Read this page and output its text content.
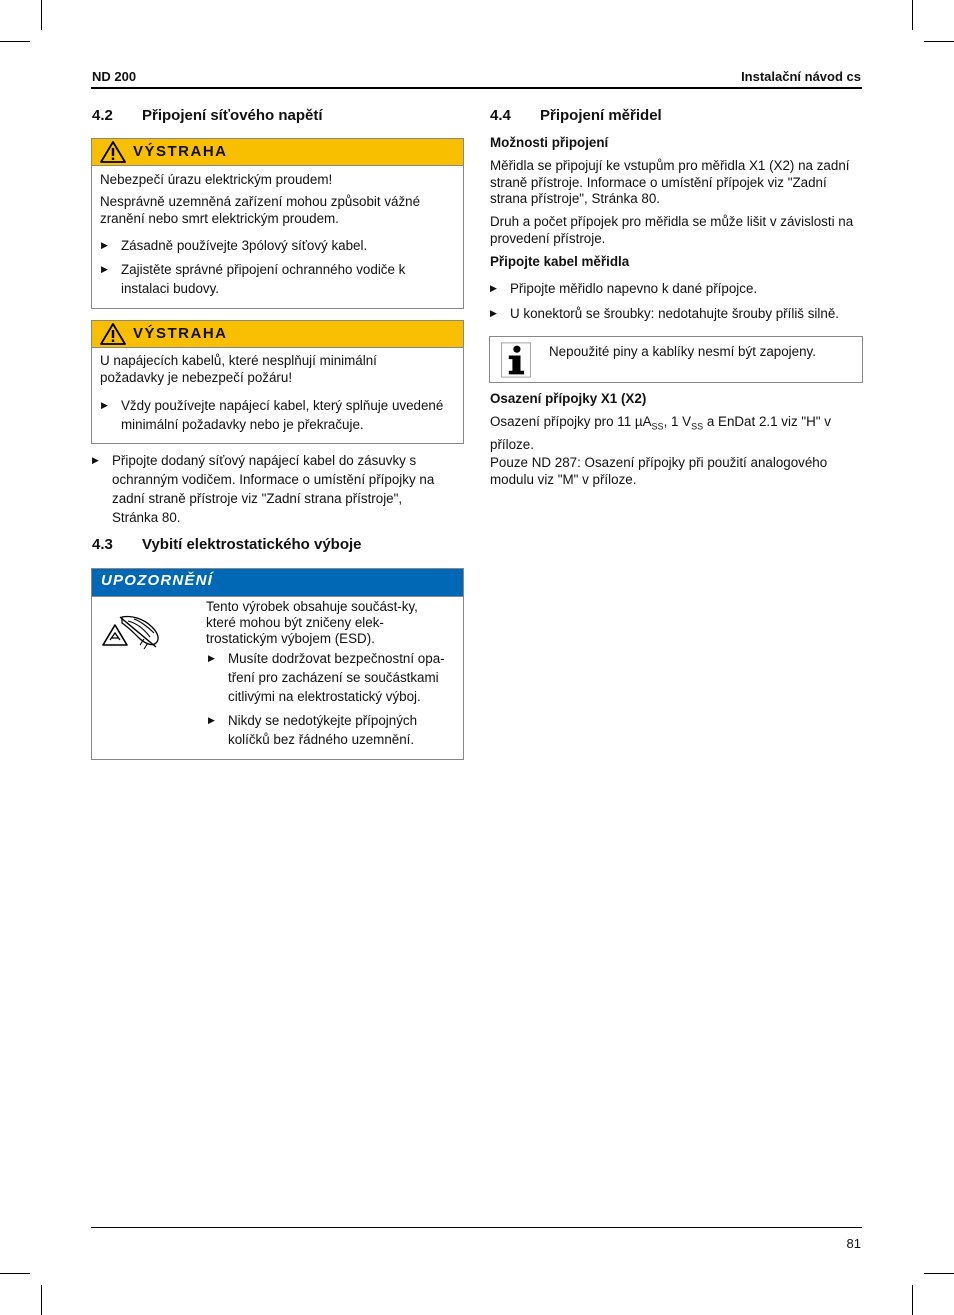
ND 200	Instalační návod cs
4.2 Připojení síťového napětí
VÝSTRAHA
Nebezpečí úrazu elektrickým proudem!
Nesprávně uzemněná zařízení mohou způsobit vážné zranění nebo smrt elektrickým proudem.
▶ Zásadně používejte 3pólový síťový kabel.
▶ Zajistěte správné připojení ochranného vodiče k instalaci budovy.
VÝSTRAHA
U napájecích kabelů, které nesplňují minimální požadavky je nebezpečí požáru!
▶ Vždy používejte napájecí kabel, který splňuje uvedené minimální požadavky nebo je překračuje.
▶ Připojte dodaný síťový napájecí kabel do zásuvky s ochranným vodičem. Informace o umístění přípojky na zadní straně přístroje viz "Zadní strana přístroje", Stránka 80.
4.3 Vybití elektrostatického výboje
UPOZORNĚNÍ
Tento výrobek obsahuje součást-ky, které mohou být zničeny elek-trostatickým výbojem (ESD).
▶ Musíte dodržovat bezpečnostní opa-tření pro zacházení se součástkami citlivými na elektrostatický výboj.
▶ Nikdy se nedotýkejte přípojných kolíčků bez řádného uzemnění.
4.4 Připojení měřidel
Možnosti připojení
Měřidla se připojují ke vstupům pro měřidla X1 (X2) na zadní straně přístroje. Informace o umístění přípojek viz "Zadní strana přístroje", Stránka 80.
Druh a počet přípojek pro měřidla se může lišit v závislosti na provedení přístroje.
Připojte kabel měřidla
▶ Připojte měřidlo napevno k dané přípojce.
▶ U konektorů se šroubky: nedotahujte šrouby příliš silně.
Nepoužité piny a kablíky nesmí být zapojeny.
Osazení přípojky X1 (X2)
Osazení přípojky pro 11 µA$_{SS}$, 1 $V_{SS}$ a EnDat 2.1 viz "H" v příloze.
Pouze ND 287: Osazení přípojky při použití analogového modulu viz "M" v příloze.
81
